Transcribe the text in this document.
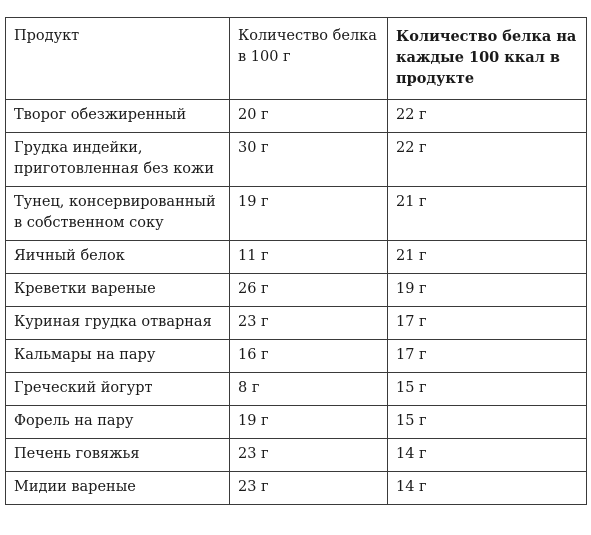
Продукт	Количество белка в 100 г	Количество белка на каждые 100 ккал в продукте
Творог обезжиренный	20 г	22 г
Грудка индейки, приготовленная без кожи	30 г	22 г
Тунец, консервированный в собственном соку	19 г	21 г
Яичный белок	11 г	21 г
Креветки вареные	26 г	19 г
Куриная грудка отварная	23 г	17 г
Кальмары на пару	16 г	17 г
Греческий йогурт	8 г	15 г
Форель на пару	19 г	15 г
Печень говяжья	23 г	14 г
Мидии вареные	23 г	14 г
